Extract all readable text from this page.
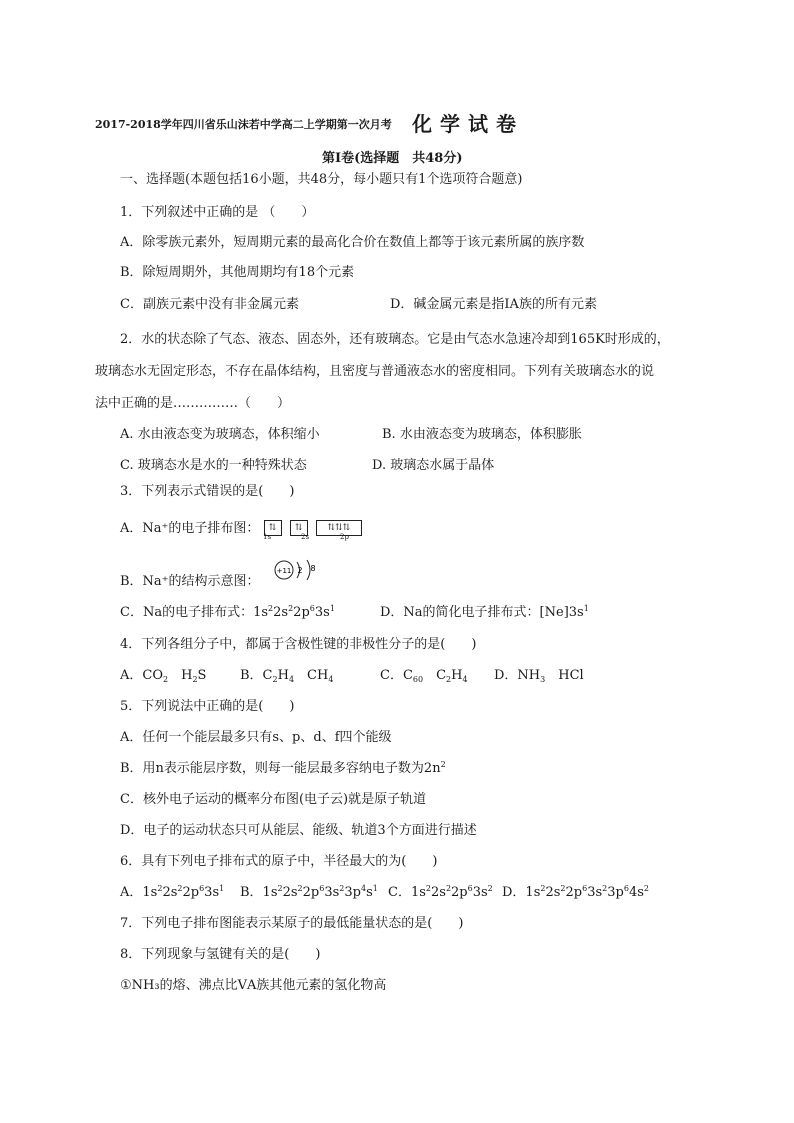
2017-2018学年四川省乐山沫若中学高二上学期第一次月考 化学试卷
第Ⅰ卷(选择题　共48分)
一、选择题(本题包括16小题，共48分，每小题只有1个选项符合题意)
1．下列叙述中正确的是 （　　）
A．除零族元素外，短周期元素的最高化合价在数值上都等于该元素所属的族序数
B．除短周期外，其他周期均有18个元素
C．副族元素中没有非金属元素	D．碱金属元素是指ⅠA族的所有元素
2．水的状态除了气态、液态、固态外，还有玻璃态。它是由气态水急速冷却到165K时形成的，
玻璃态水无固定形态，不存在晶体结构，且密度与普通液态水的密度相同。下列有关玻璃态水的说
法中正确的是……………（　　）
A. 水由液态变为玻璃态，体积缩小	B. 水由液态变为玻璃态，体积膨胀
C. 玻璃态水是水的一种特殊状态	D. 玻璃态水属于晶体
3．下列表示式错误的是(　　)
A．Na⁺的电子排布图： ⇅ ⇅	⇅⇅⇅
1s	2s	2p
B．Na⁺的结构示意图：
+11 2 8
C．Na的电子排布式：$1s^22s^22p^63s^1$	D．Na的简化电子排布式：$[Ne]3s^1$
4．下列各组分子中，都属于含极性键的非极性分子的是(　　)
A．$CO_2$　$H_2S$	B．$C_2H_4$　$CH_4$	C．$C_{60}$　$C_2H_4$ D．$NH_3$　HCl
5．下列说法中正确的是(　　)
A．任何一个能层最多只有s、p、d、f四个能级
B．用n表示能层序数，则每一能层最多容纳电子数为$2n^2$
C．核外电子运动的概率分布图(电子云)就是原子轨道
D．电子的运动状态只可从能层、能级、轨道3个方面进行描述
6．具有下列电子排布式的原子中，半径最大的为(　　)
A．$1s^22s^22p^63s^1$ B．$1s^22s^22p^63s^23p^4s^1$ C．$1s^22s^22p^63s^2$ D．$1s^22s^22p^63s^23p^64s^2$
7．下列电子排布图能表示某原子的最低能量状态的是(　　)
8．下列现象与氢键有关的是(　　)
①NH₃的熔、沸点比ⅤA族其他元素的氢化物高
